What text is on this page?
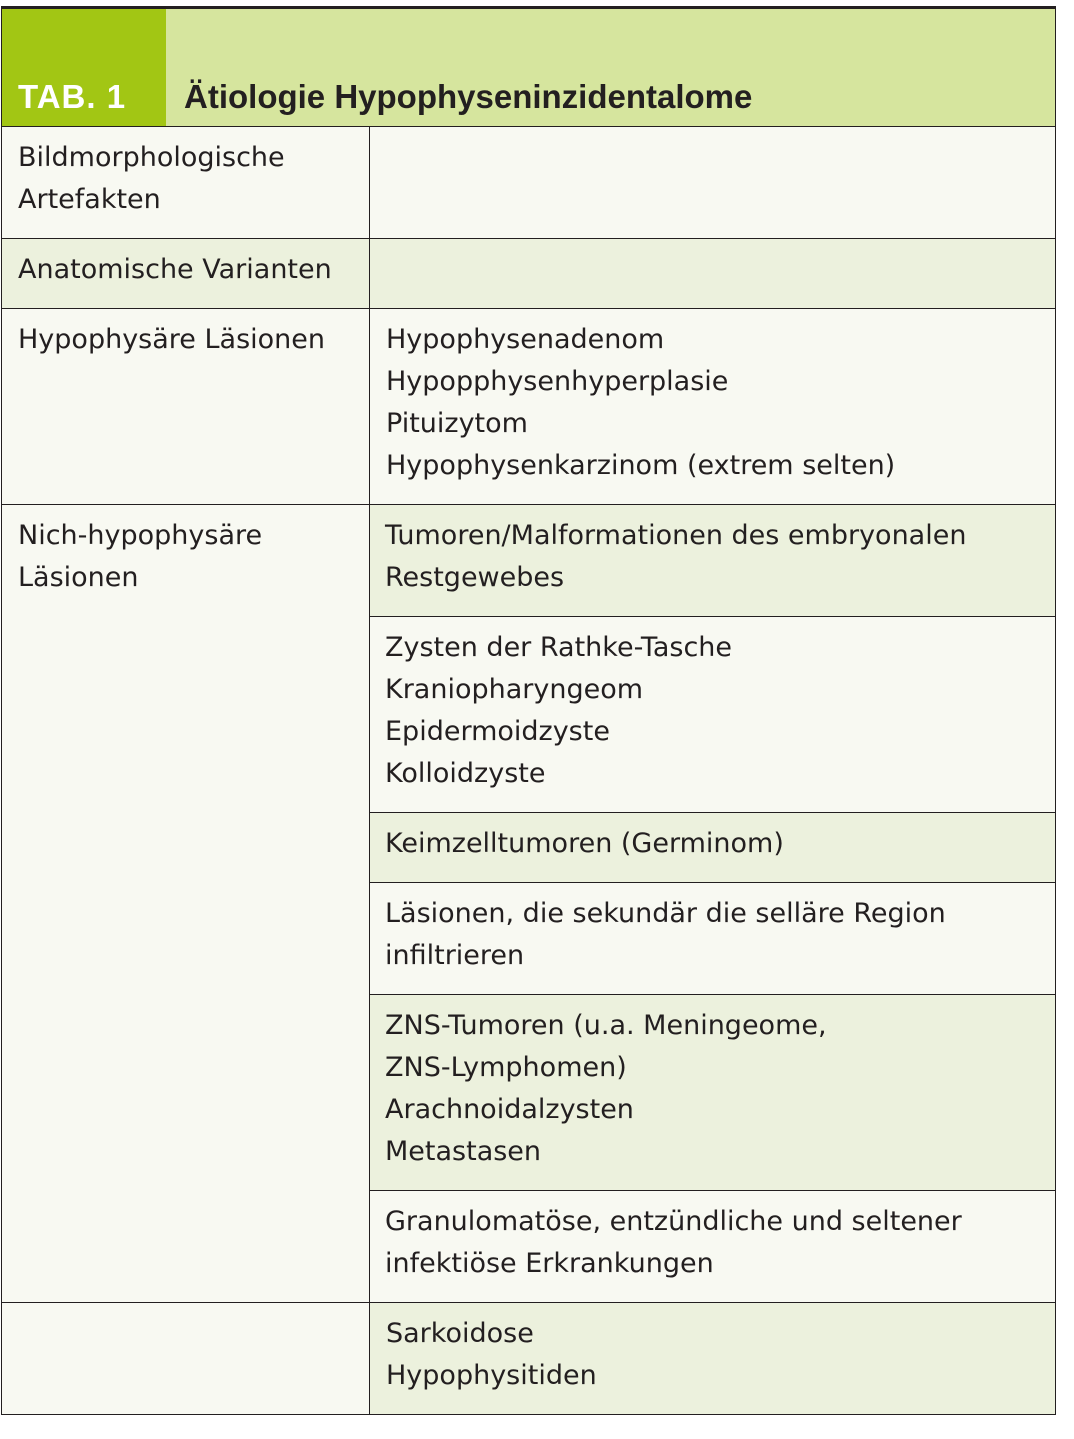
TAB. 1	Ätiologie Hypophyseninzidentalome
Bildmorphologische
Artefakten
Anatomische Varianten
Hypophysäre Läsionen	Hypophysenadenom
Hypopphysenhyperplasie
Pituizytom
Hypophysenkarzinom (extrem selten)
Nich-hypophysäre
Läsionen
Tumoren/Malformationen des embryonalen
Restgewebes
Zysten der Rathke-Tasche
Kraniopharyngeom
Epidermoidzyste
Kolloidzyste
Keimzelltumoren (Germinom)
Läsionen, die sekundär die selläre Region
infiltrieren
ZNS-Tumoren (u.a. Meningeome,
ZNS-Lymphomen)
Arachnoidalzysten
Metastasen
Granulomatöse, entzündliche und seltener
infektiöse Erkrankungen
Sarkoidose
Hypophysitiden
